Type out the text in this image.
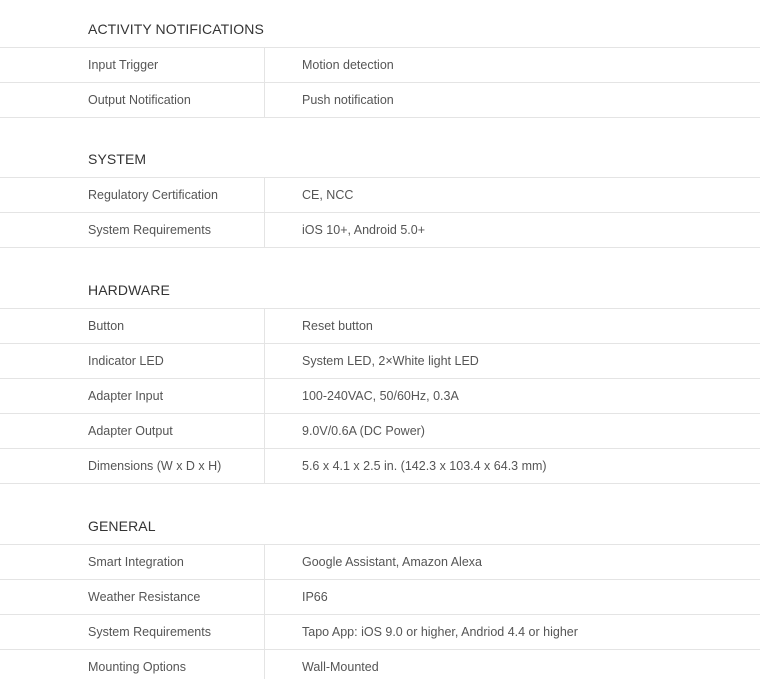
ACTIVITY NOTIFICATIONS
Input Trigger	Motion detection
Output Notification	Push notification
SYSTEM
Regulatory Certification	CE, NCC
System Requirements	iOS 10+, Android 5.0+
HARDWARE
Button	Reset button
Indicator LED	System LED, 2×White light LED
Adapter Input	100-240VAC, 50/60Hz, 0.3A
Adapter Output	9.0V/0.6A (DC Power)
Dimensions (W x D x H)	5.6 x 4.1 x 2.5 in. (142.3 x 103.4 x 64.3 mm)
GENERAL
Smart Integration	Google Assistant, Amazon Alexa
Weather Resistance	IP66
System Requirements	Tapo App: iOS 9.0 or higher, Andriod 4.4 or higher
Mounting Options	Wall-Mounted
